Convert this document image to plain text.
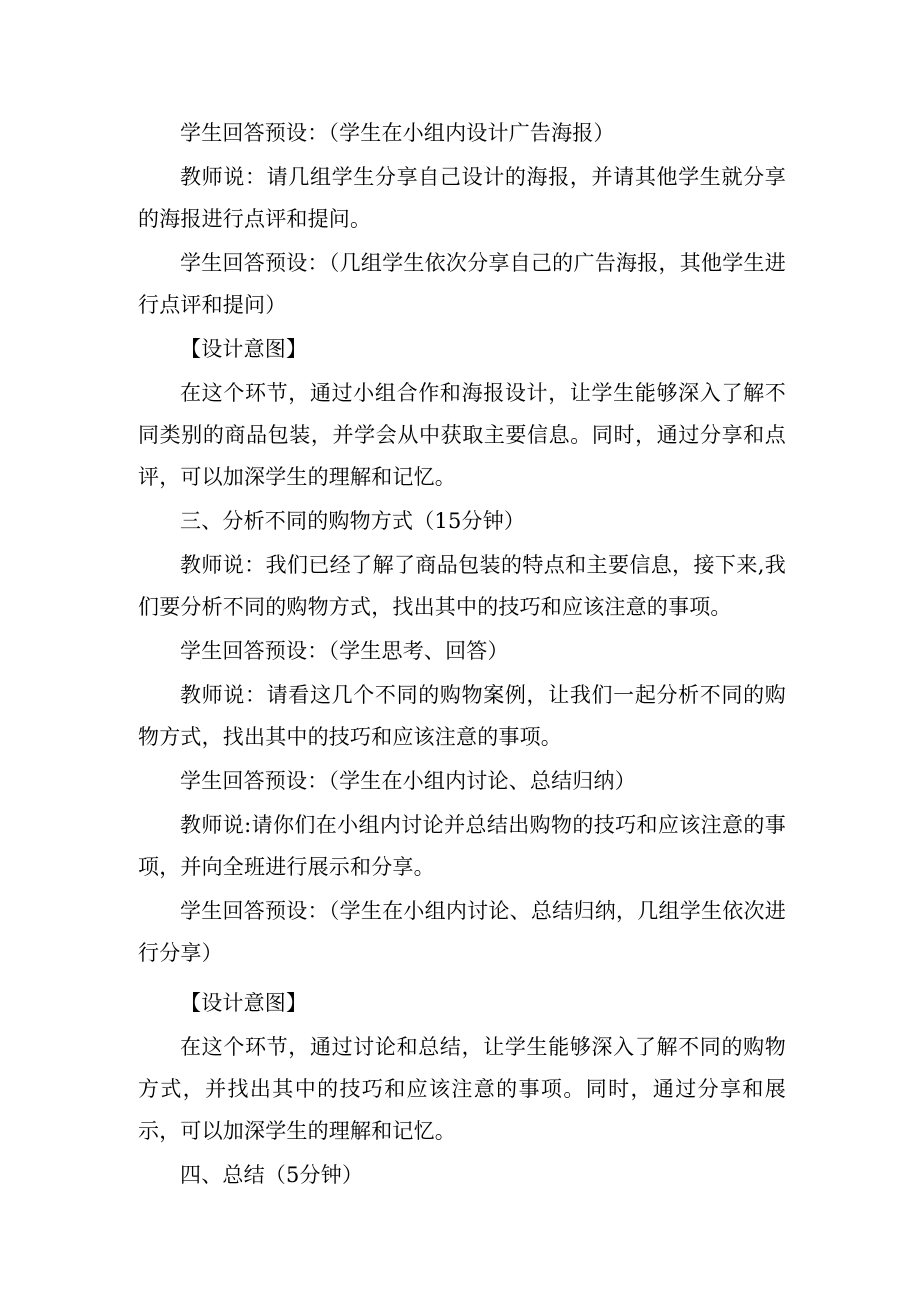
学生回答预设：（学生在小组内设计广告海报）

教师说：请几组学生分享自己设计的海报，并请其他学生就分享的海报进行点评和提问。

学生回答预设：（几组学生依次分享自己的广告海报，其他学生进行点评和提问）

【设计意图】

在这个环节，通过小组合作和海报设计，让学生能够深入了解不同类别的商品包装，并学会从中获取主要信息。同时，通过分享和点评，可以加深学生的理解和记忆。

三、分析不同的购物方式（15分钟）

教师说：我们已经了解了商品包装的特点和主要信息，接下来,我们要分析不同的购物方式，找出其中的技巧和应该注意的事项。

学生回答预设：（学生思考、回答）

教师说：请看这几个不同的购物案例，让我们一起分析不同的购物方式，找出其中的技巧和应该注意的事项。

学生回答预设：（学生在小组内讨论、总结归纳）

教师说:请你们在小组内讨论并总结出购物的技巧和应该注意的事项，并向全班进行展示和分享。

学生回答预设：（学生在小组内讨论、总结归纳，几组学生依次进行分享）

【设计意图】

在这个环节，通过讨论和总结，让学生能够深入了解不同的购物方式，并找出其中的技巧和应该注意的事项。同时，通过分享和展示，可以加深学生的理解和记忆。

四、总结（5分钟）
